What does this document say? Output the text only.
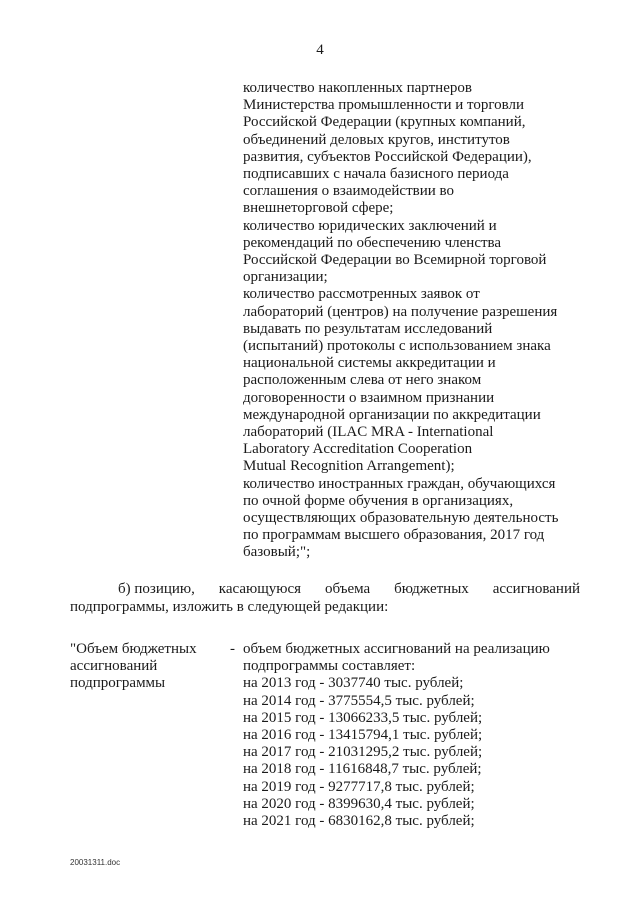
4
количество накопленных партнеров
Министерства промышленности и торговли
Российской Федерации (крупных компаний,
объединений деловых кругов, институтов
развития, субъектов Российской Федерации),
подписавших с начала базисного периода
соглашения о взаимодействии во
внешнеторговой сфере;
количество юридических заключений и
рекомендаций по обеспечению членства
Российской Федерации во Всемирной торговой
организации;
количество рассмотренных заявок от
лабораторий (центров) на получение разрешения
выдавать по результатам исследований
(испытаний) протоколы с использованием знака
национальной системы аккредитации и
расположенным слева от него знаком
договоренности о взаимном признании
международной организации по аккредитации
лабораторий (ILAC MRA - International
Laboratory Accreditation Cooperation
Mutual Recognition Arrangement);
количество иностранных граждан, обучающихся
по очной форме обучения в организациях,
осуществляющих образовательную деятельность
по программам высшего образования, 2017 год
базовый;";
б) позицию, касающуюся объема бюджетных ассигнований
подпрограммы, изложить в следующей редакции:
"Объем бюджетных
ассигнований
подпрограммы
- объем бюджетных ассигнований на реализацию
подпрограммы составляет:
на 2013 год - 3037740 тыс. рублей;
на 2014 год - 3775554,5 тыс. рублей;
на 2015 год - 13066233,5 тыс. рублей;
на 2016 год - 13415794,1 тыс. рублей;
на 2017 год - 21031295,2 тыс. рублей;
на 2018 год - 11616848,7 тыс. рублей;
на 2019 год - 9277717,8 тыс. рублей;
на 2020 год - 8399630,4 тыс. рублей;
на 2021 год - 6830162,8 тыс. рублей;
20031311.doc
